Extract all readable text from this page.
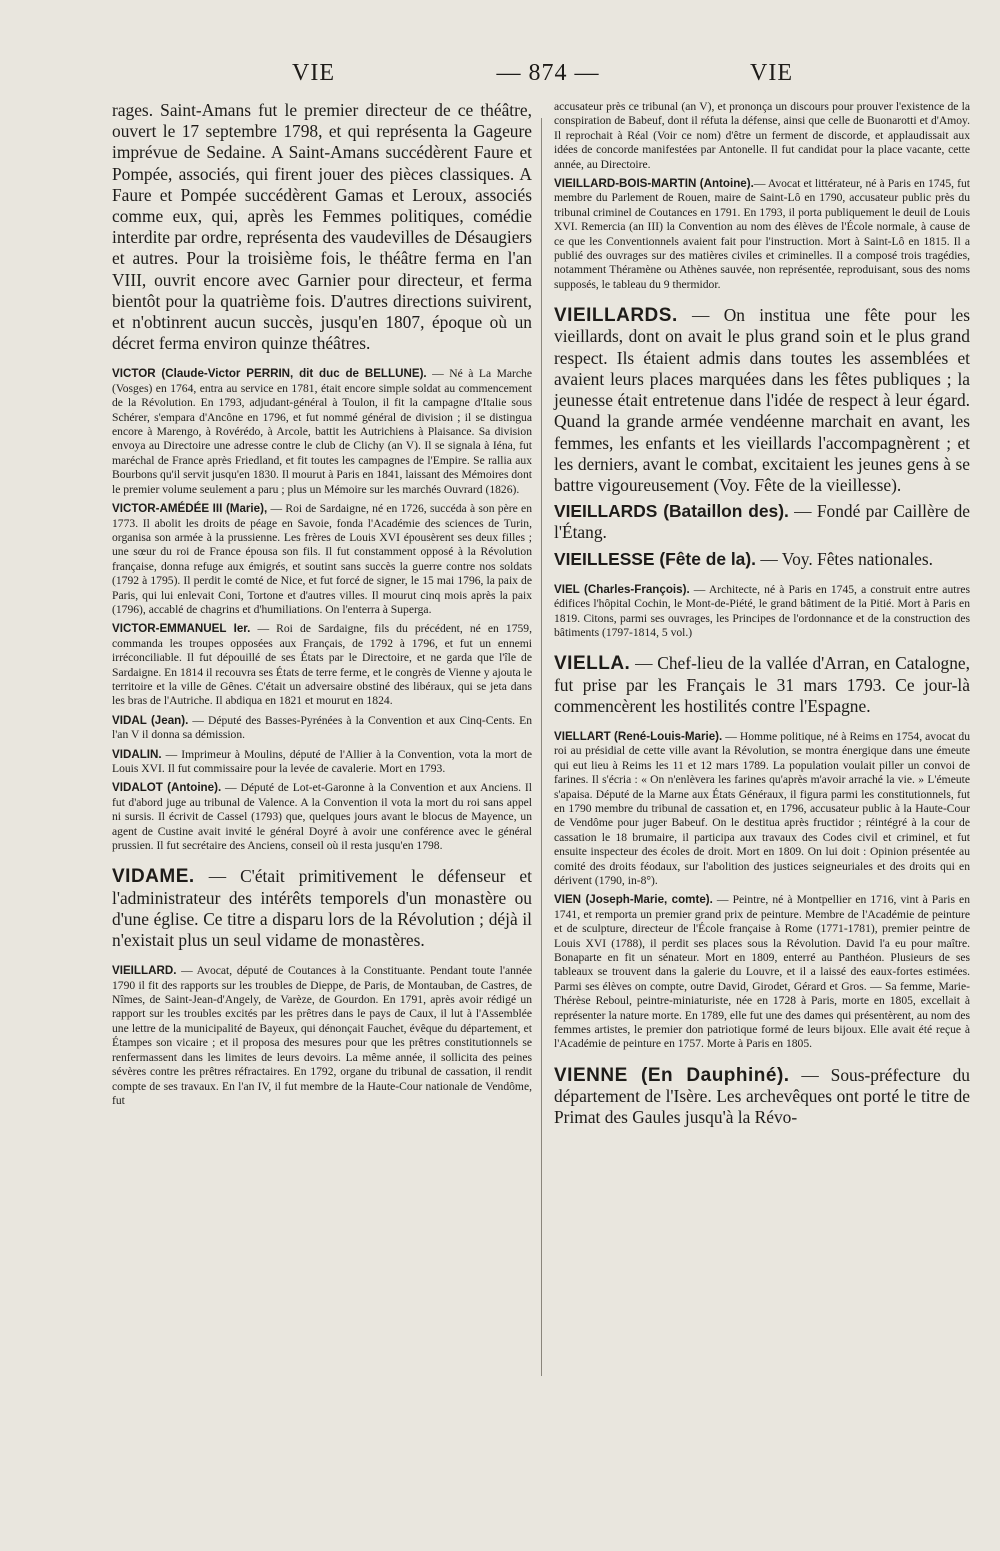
VIE	— 874 —	VIE
rages. Saint-Amans fut le premier directeur de ce théâtre, ouvert le 17 septembre 1798, et qui représenta la Gageure imprévue de Sedaine. A Saint-Amans succédèrent Faure et Pompée, associés, qui firent jouer des pièces classiques. A Faure et Pompée succédèrent Gamas et Leroux, associés comme eux, qui, après les Femmes politiques, comédie interdite par ordre, représenta des vaudevilles de Désaugiers et autres. Pour la troisième fois, le théâtre ferma en l'an VIII, ouvrit encore avec Garnier pour directeur, et ferma bientôt pour la quatrième fois. D'autres directions suivirent, et n'obtinrent aucun succès, jusqu'en 1807, époque où un décret ferma environ quinze théâtres.
VICTOR (Claude-Victor PERRIN, dit duc de BELLUNE). — Né à La Marche (Vosges) en 1764, entra au service en 1781, était encore simple soldat au commencement de la Révolution. En 1793, adjudant-général à Toulon, il fit la campagne d'Italie sous Schérer, s'empara d'Ancône en 1796, et fut nommé général de division ; il se distingua encore à Marengo, à Rovérédo, à Arcole, battit les Autrichiens à Plaisance. Sa division envoya au Directoire une adresse contre le club de Clichy (an V). Il se signala à Iéna, fut maréchal de France après Friedland, et fit toutes les campagnes de l'Empire. Se rallia aux Bourbons qu'il servit jusqu'en 1830. Il mourut à Paris en 1841, laissant des Mémoires dont le premier volume seulement a paru ; plus un Mémoire sur les marchés Ouvrard (1826).
VICTOR-AMÉDÉE III (Marie), — Roi de Sardaigne, né en 1726, succéda à son père en 1773. Il abolit les droits de péage en Savoie, fonda l'Académie des sciences de Turin, organisa son armée à la prussienne. Les frères de Louis XVI épousèrent ses deux filles ; une sœur du roi de France épousa son fils. Il fut constamment opposé à la Révolution française, donna refuge aux émigrés, et soutint sans succès la guerre contre nos soldats (1792 à 1795). Il perdit le comté de Nice, et fut forcé de signer, le 15 mai 1796, la paix de Paris, qui lui enlevait Coni, Tortone et d'autres villes. Il mourut cinq mois après la paix (1796), accablé de chagrins et d'humiliations. On l'enterra à Superga.
VICTOR-EMMANUEL Ier. — Roi de Sardaigne, fils du précédent, né en 1759, commanda les troupes opposées aux Français, de 1792 à 1796, et fut un ennemi irréconciliable. Il fut dépouillé de ses États par le Directoire, et ne garda que l'île de Sardaigne. En 1814 il recouvra ses États de terre ferme, et le congrès de Vienne y ajouta le territoire et la ville de Gênes. C'était un adversaire obstiné des libéraux, qui se jeta dans les bras de l'Autriche. Il abdiqua en 1821 et mourut en 1824.
VIDAL (Jean). — Député des Basses-Pyrénées à la Convention et aux Cinq-Cents. En l'an V il donna sa démission.
VIDALIN. — Imprimeur à Moulins, député de l'Allier à la Convention, vota la mort de Louis XVI. Il fut commissaire pour la levée de cavalerie. Mort en 1793.
VIDALOT (Antoine). — Député de Lot-et-Garonne à la Convention et aux Anciens. Il fut d'abord juge au tribunal de Valence. A la Convention il vota la mort du roi sans appel ni sursis. Il écrivit de Cassel (1793) que, quelques jours avant le blocus de Mayence, un agent de Custine avait invité le général Doyré à avoir une conférence avec le général prussien. Il fut secrétaire des Anciens, conseil où il resta jusqu'en 1798.
VIDAME. — C'était primitivement le défenseur et l'administrateur des intérêts temporels d'un monastère ou d'une église. Ce titre a disparu lors de la Révolution ; déjà il n'existait plus un seul vidame de monastères.
VIEILLARD. — Avocat, député de Coutances à la Constituante. Pendant toute l'année 1790 il fit des rapports sur les troubles de Dieppe, de Paris, de Montauban, de Castres, de Nîmes, de Saint-Jean-d'Angely, de Varèze, de Gourdon. En 1791, après avoir rédigé un rapport sur les troubles excités par les prêtres dans le pays de Caux, il lut à l'Assemblée une lettre de la municipalité de Bayeux, qui dénonçait Fauchet, évêque du département, et Étampes son vicaire ; et il proposa des mesures pour que les prêtres constitutionnels se renfermassent dans les limites de leurs devoirs. La même année, il sollicita des peines sévères contre les prêtres réfractaires. En 1792, organe du tribunal de cassation, il rendit compte de ses travaux. En l'an IV, il fut membre de la Haute-Cour nationale de Vendôme, fut
accusateur près ce tribunal (an V), et prononça un discours pour prouver l'existence de la conspiration de Babeuf, dont il réfuta la défense, ainsi que celle de Buonarotti et d'Amoy. Il reprochait à Réal (Voir ce nom) d'être un ferment de discorde, et applaudissait aux idées de concorde manifestées par Antonelle. Il fut candidat pour la place vacante, cette année, au Directoire.
VIEILLARD-BOIS-MARTIN (Antoine).— Avocat et littérateur, né à Paris en 1745, fut membre du Parlement de Rouen, maire de Saint-Lô en 1790, accusateur public près du tribunal criminel de Coutances en 1791. En 1793, il porta publiquement le deuil de Louis XVI. Remercia (an III) la Convention au nom des élèves de l'École normale, à cause de ce que les Conventionnels avaient fait pour l'instruction. Mort à Saint-Lô en 1815. Il a publié des ouvrages sur des matières civiles et criminelles. Il a composé trois tragédies, notamment Théramène ou Athènes sauvée, non représentée, reproduisant, sous des noms supposés, le tableau du 9 thermidor.
VIEILLARDS. — On institua une fête pour les vieillards, dont on avait le plus grand soin et le plus grand respect. Ils étaient admis dans toutes les assemblées et avaient leurs places marquées dans les fêtes publiques ; la jeunesse était entretenue dans l'idée de respect à leur égard. Quand la grande armée vendéenne marchait en avant, les femmes, les enfants et les vieillards l'accompagnèrent ; et les derniers, avant le combat, excitaient les jeunes gens à se battre vigoureusement (Voy. Fête de la vieillesse).
VIEILLARDS (Bataillon des). — Fondé par Caillère de l'Étang.
VIEILLESSE (Fête de la). — Voy. Fêtes nationales.
VIEL (Charles-François). — Architecte, né à Paris en 1745, a construit entre autres édifices l'hôpital Cochin, le Mont-de-Piété, le grand bâtiment de la Pitié. Mort à Paris en 1819. Citons, parmi ses ouvrages, les Principes de l'ordonnance et de la construction des bâtiments (1797-1814, 5 vol.)
VIELLA. — Chef-lieu de la vallée d'Arran, en Catalogne, fut prise par les Français le 31 mars 1793. Ce jour-là commencèrent les hostilités contre l'Espagne.
VIELLART (René-Louis-Marie). — Homme politique, né à Reims en 1754, avocat du roi au présidial de cette ville avant la Révolution, se montra énergique dans une émeute qui eut lieu à Reims les 11 et 12 mars 1789. La population voulait piller un convoi de farines. Il s'écria : « On n'enlèvera les farines qu'après m'avoir arraché la vie. » L'émeute s'apaisa. Député de la Marne aux États Généraux, il figura parmi les constitutionnels, fut en 1790 membre du tribunal de cassation et, en 1796, accusateur public à la Haute-Cour de Vendôme pour juger Babeuf. On le destitua après fructidor ; réintégré à la cour de cassation le 18 brumaire, il participa aux travaux des Codes civil et criminel, et fut ensuite inspecteur des écoles de droit. Mort en 1809. On lui doit : Opinion présentée au comité des droits féodaux, sur l'abolition des justices seigneuriales et des droits qui en dérivent (1790, in-8°).
VIEN (Joseph-Marie, comte). — Peintre, né à Montpellier en 1716, vint à Paris en 1741, et remporta un premier grand prix de peinture. Membre de l'Académie de peinture et de sculpture, directeur de l'École française à Rome (1771-1781), premier peintre de Louis XVI (1788), il perdit ses places sous la Révolution. David l'a eu pour maître. Bonaparte en fit un sénateur. Mort en 1809, enterré au Panthéon. Plusieurs de ses tableaux se trouvent dans la galerie du Louvre, et il a laissé des eaux-fortes estimées. Parmi ses élèves on compte, outre David, Girodet, Gérard et Gros. — Sa femme, Marie-Thérèse Reboul, peintre-miniaturiste, née en 1728 à Paris, morte en 1805, excellait à représenter la nature morte. En 1789, elle fut une des dames qui présentèrent, au nom des femmes artistes, le premier don patriotique formé de leurs bijoux. Elle avait été reçue à l'Académie de peinture en 1757. Morte à Paris en 1805.
VIENNE (En Dauphiné). — Sous-préfecture du département de l'Isère. Les archevêques ont porté le titre de Primat des Gaules jusqu'à la Révo-
